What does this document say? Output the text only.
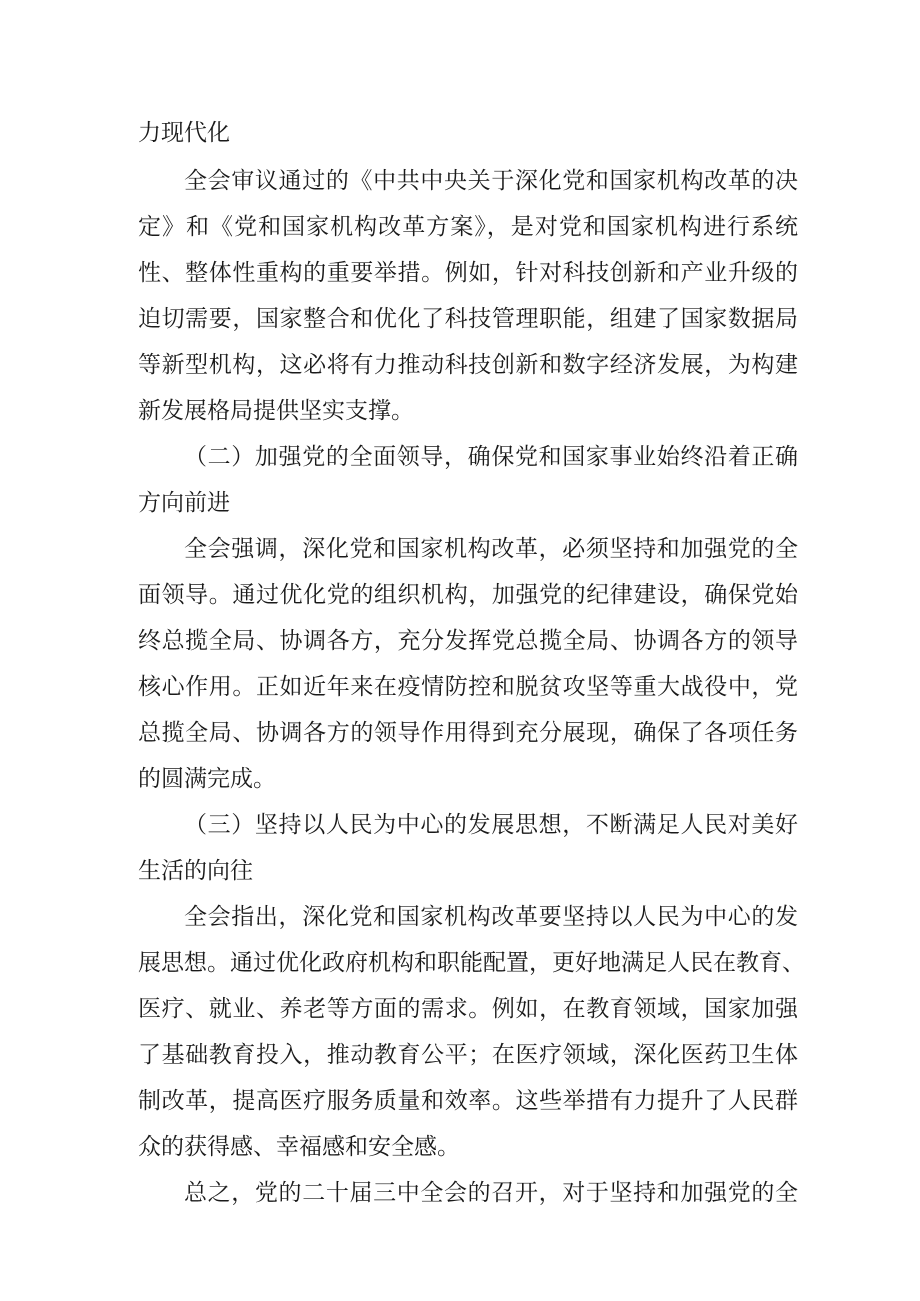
力现代化
全会审议通过的《中共中央关于深化党和国家机构改革的决
定》和《党和国家机构改革方案》，是对党和国家机构进行系统
性、整体性重构的重要举措。例如，针对科技创新和产业升级的
迫切需要，国家整合和优化了科技管理职能，组建了国家数据局
等新型机构，这必将有力推动科技创新和数字经济发展，为构建
新发展格局提供坚实支撑。
（二）加强党的全面领导，确保党和国家事业始终沿着正确
方向前进
全会强调，深化党和国家机构改革，必须坚持和加强党的全
面领导。通过优化党的组织机构，加强党的纪律建设，确保党始
终总揽全局、协调各方，充分发挥党总揽全局、协调各方的领导
核心作用。正如近年来在疫情防控和脱贫攻坚等重大战役中，党
总揽全局、协调各方的领导作用得到充分展现，确保了各项任务
的圆满完成。
（三）坚持以人民为中心的发展思想，不断满足人民对美好
生活的向往
全会指出，深化党和国家机构改革要坚持以人民为中心的发
展思想。通过优化政府机构和职能配置，更好地满足人民在教育、
医疗、就业、养老等方面的需求。例如，在教育领域，国家加强
了基础教育投入，推动教育公平；在医疗领域，深化医药卫生体
制改革，提高医疗服务质量和效率。这些举措有力提升了人民群
众的获得感、幸福感和安全感。
总之，党的二十届三中全会的召开，对于坚持和加强党的全
